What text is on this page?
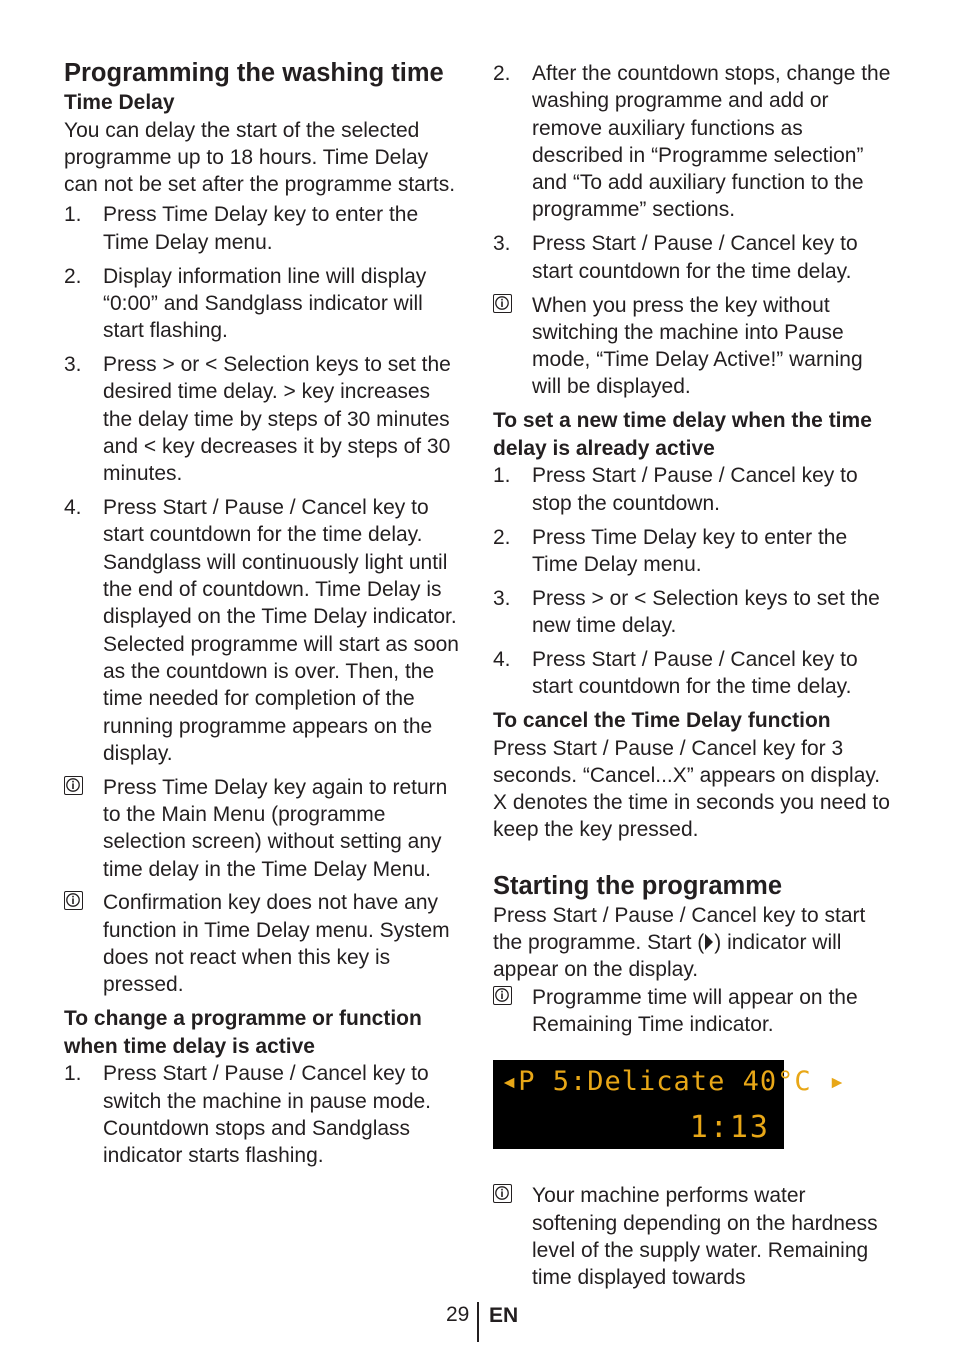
Programming the washing time
Time Delay

You can delay the start of the selected programme up to 18 hours. Time Delay can not be set after the programme starts.

1. Press Time Delay key to enter the Time Delay menu.
2. Display information line will display “0:00” and Sandglass indicator will start flashing.
3. Press > or < Selection keys to set the desired time delay. > key increases the delay time by steps of 30 minutes and < key decreases it by steps of 30 minutes.
4. Press Start / Pause / Cancel key to start countdown for the time delay. Sandglass will continuously light until the end of countdown. Time Delay is displayed on the Time Delay indicator. Selected programme will start as soon as the countdown is over. Then, the time needed for completion of the running programme appears on the display.
Press Time Delay key again to return to the Main Menu (programme selection screen) without setting any time delay in the Time Delay Menu.
Confirmation key does not have any function in Time Delay menu. System does not react when this key is pressed.
To change a programme or function when time delay is active
1. Press Start / Pause / Cancel key to switch the machine in pause mode. Countdown stops and Sandglass indicator starts flashing.
2. After the countdown stops, change the washing programme and add or remove auxiliary functions as described in “Programme selection” and “To add auxiliary function to the programme” sections.
3. Press Start / Pause / Cancel key to start countdown for the time delay.
When you press the key without switching the machine into Pause mode, “Time Delay Active!” warning will be displayed.
To set a new time delay when the time delay is already active
1. Press Start / Pause / Cancel key to stop the countdown.
2. Press Time Delay key to enter the Time Delay menu.
3. Press > or < Selection keys to set the new time delay.
4. Press Start / Pause / Cancel key to start countdown for the time delay.
To cancel the Time Delay function

Press Start / Pause / Cancel key for 3 seconds. “Cancel...X” appears on display. X denotes the time in seconds you need to keep the key pressed.

Starting the programme

Press Start / Pause / Cancel key to start the programme. Start ( ) indicator will appear on the display.

Programme time will appear on the Remaining Time indicator.
◂P 5:Delicate 40°C ▸
1:13
Your machine performs water softening depending on the hardness level of the supply water. Remaining time displayed towards
29 EN
